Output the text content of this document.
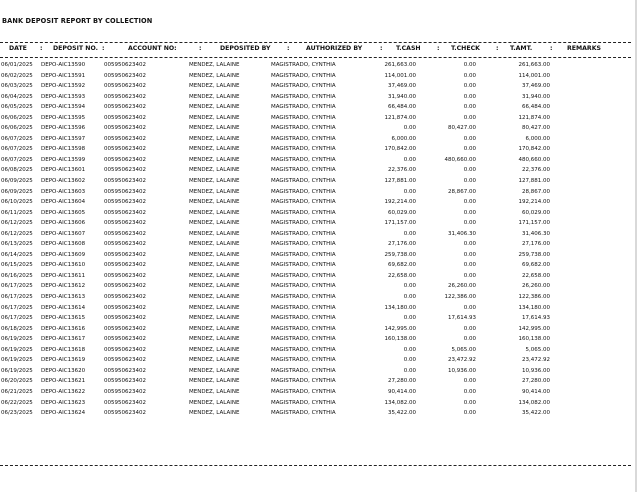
BANK DEPOSIT REPORT BY COLLECTION
DATE : DEPOSIT NO. :	ACCOUNT NO:	:	DEPOSITED BY	:	AUTHORIZED BY	: T.CASH	: T.CHECK	: T.AMT.	: REMARKS
06/01/2025 DEPO-AIC13590	005950623402	MENDEZ, LALAINE	MAGISTRADO, CYNTHIA	261,663.00	0.00	261,663.00
06/02/2025 DEPO-AIC13591	005950623402	MENDEZ, LALAINE	MAGISTRADO, CYNTHIA	114,001.00	0.00	114,001.00
06/03/2025 DEPO-AIC13592	005950623402	MENDEZ, LALAINE	MAGISTRADO, CYNTHIA	37,469.00	0.00	37,469.00
06/04/2025 DEPO-AIC13593	005950623402	MENDEZ, LALAINE	MAGISTRADO, CYNTHIA	31,940.00	0.00	31,940.00
06/05/2025 DEPO-AIC13594	005950623402	MENDEZ, LALAINE	MAGISTRADO, CYNTHIA	66,484.00	0.00	66,484.00
06/06/2025 DEPO-AIC13595	005950623402	MENDEZ, LALAINE	MAGISTRADO, CYNTHIA	121,874.00	0.00	121,874.00
06/06/2025 DEPO-AIC13596	005950623402	MENDEZ, LALAINE	MAGISTRADO, CYNTHIA	0.00	80,427.00	80,427.00
06/07/2025 DEPO-AIC13597	005950623402	MENDEZ, LALAINE	MAGISTRADO, CYNTHIA	6,000.00	0.00	6,000.00
06/07/2025 DEPO-AIC13598	005950623402	MENDEZ, LALAINE	MAGISTRADO, CYNTHIA	170,842.00	0.00	170,842.00
06/07/2025 DEPO-AIC13599	005950623402	MENDEZ, LALAINE	MAGISTRADO, CYNTHIA	0.00	480,660.00	480,660.00
06/08/2025 DEPO-AIC13601	005950623402	MENDEZ, LALAINE	MAGISTRADO, CYNTHIA	22,376.00	0.00	22,376.00
06/09/2025 DEPO-AIC13602	005950623402	MENDEZ, LALAINE	MAGISTRADO, CYNTHIA	127,881.00	0.00	127,881.00
06/09/2025 DEPO-AIC13603	005950623402	MENDEZ, LALAINE	MAGISTRADO, CYNTHIA	0.00	28,867.00	28,867.00
06/10/2025 DEPO-AIC13604	005950623402	MENDEZ, LALAINE	MAGISTRADO, CYNTHIA	192,214.00	0.00	192,214.00
06/11/2025 DEPO-AIC13605	005950623402	MENDEZ, LALAINE	MAGISTRADO, CYNTHIA	60,029.00	0.00	60,029.00
06/12/2025 DEPO-AIC13606	005950623402	MENDEZ, LALAINE	MAGISTRADO, CYNTHIA	171,157.00	0.00	171,157.00
06/12/2025 DEPO-AIC13607	005950623402	MENDEZ, LALAINE	MAGISTRADO, CYNTHIA	0.00	31,406.30	31,406.30
06/13/2025 DEPO-AIC13608	005950623402	MENDEZ, LALAINE	MAGISTRADO, CYNTHIA	27,176.00	0.00	27,176.00
06/14/2025 DEPO-AIC13609	005950623402	MENDEZ, LALAINE	MAGISTRADO, CYNTHIA	259,738.00	0.00	259,738.00
06/15/2025 DEPO-AIC13610	005950623402	MENDEZ, LALAINE	MAGISTRADO, CYNTHIA	69,682.00	0.00	69,682.00
06/16/2025 DEPO-AIC13611	005950623402	MENDEZ, LALAINE	MAGISTRADO, CYNTHIA	22,658.00	0.00	22,658.00
06/17/2025 DEPO-AIC13612	005950623402	MENDEZ, LALAINE	MAGISTRADO, CYNTHIA	0.00	26,260.00	26,260.00
06/17/2025 DEPO-AIC13613	005950623402	MENDEZ, LALAINE	MAGISTRADO, CYNTHIA	0.00	122,386.00	122,386.00
06/17/2025 DEPO-AIC13614	005950623402	MENDEZ, LALAINE	MAGISTRADO, CYNTHIA	134,180.00	0.00	134,180.00
06/17/2025 DEPO-AIC13615	005950623402	MENDEZ, LALAINE	MAGISTRADO, CYNTHIA	0.00	17,614.93	17,614.93
06/18/2025 DEPO-AIC13616	005950623402	MENDEZ, LALAINE	MAGISTRADO, CYNTHIA	142,995.00	0.00	142,995.00
06/19/2025 DEPO-AIC13617	005950623402	MENDEZ, LALAINE	MAGISTRADO, CYNTHIA	160,138.00	0.00	160,138.00
06/19/2025 DEPO-AIC13618	005950623402	MENDEZ, LALAINE	MAGISTRADO, CYNTHIA	0.00	5,065.00	5,065.00
06/19/2025 DEPO-AIC13619	005950623402	MENDEZ, LALAINE	MAGISTRADO, CYNTHIA	0.00	23,472.92	23,472.92
06/19/2025 DEPO-AIC13620	005950623402	MENDEZ, LALAINE	MAGISTRADO, CYNTHIA	0.00	10,936.00	10,936.00
06/20/2025 DEPO-AIC13621	005950623402	MENDEZ, LALAINE	MAGISTRADO, CYNTHIA	27,280.00	0.00	27,280.00
06/21/2025 DEPO-AIC13622	005950623402	MENDEZ, LALAINE	MAGISTRADO, CYNTHIA	90,414.00	0.00	90,414.00
06/22/2025 DEPO-AIC13623	005950623402	MENDEZ, LALAINE	MAGISTRADO, CYNTHIA	134,082.00	0.00	134,082.00
06/23/2025 DEPO-AIC13624	005950623402	MENDEZ, LALAINE	MAGISTRADO, CYNTHIA	35,422.00	0.00	35,422.00
